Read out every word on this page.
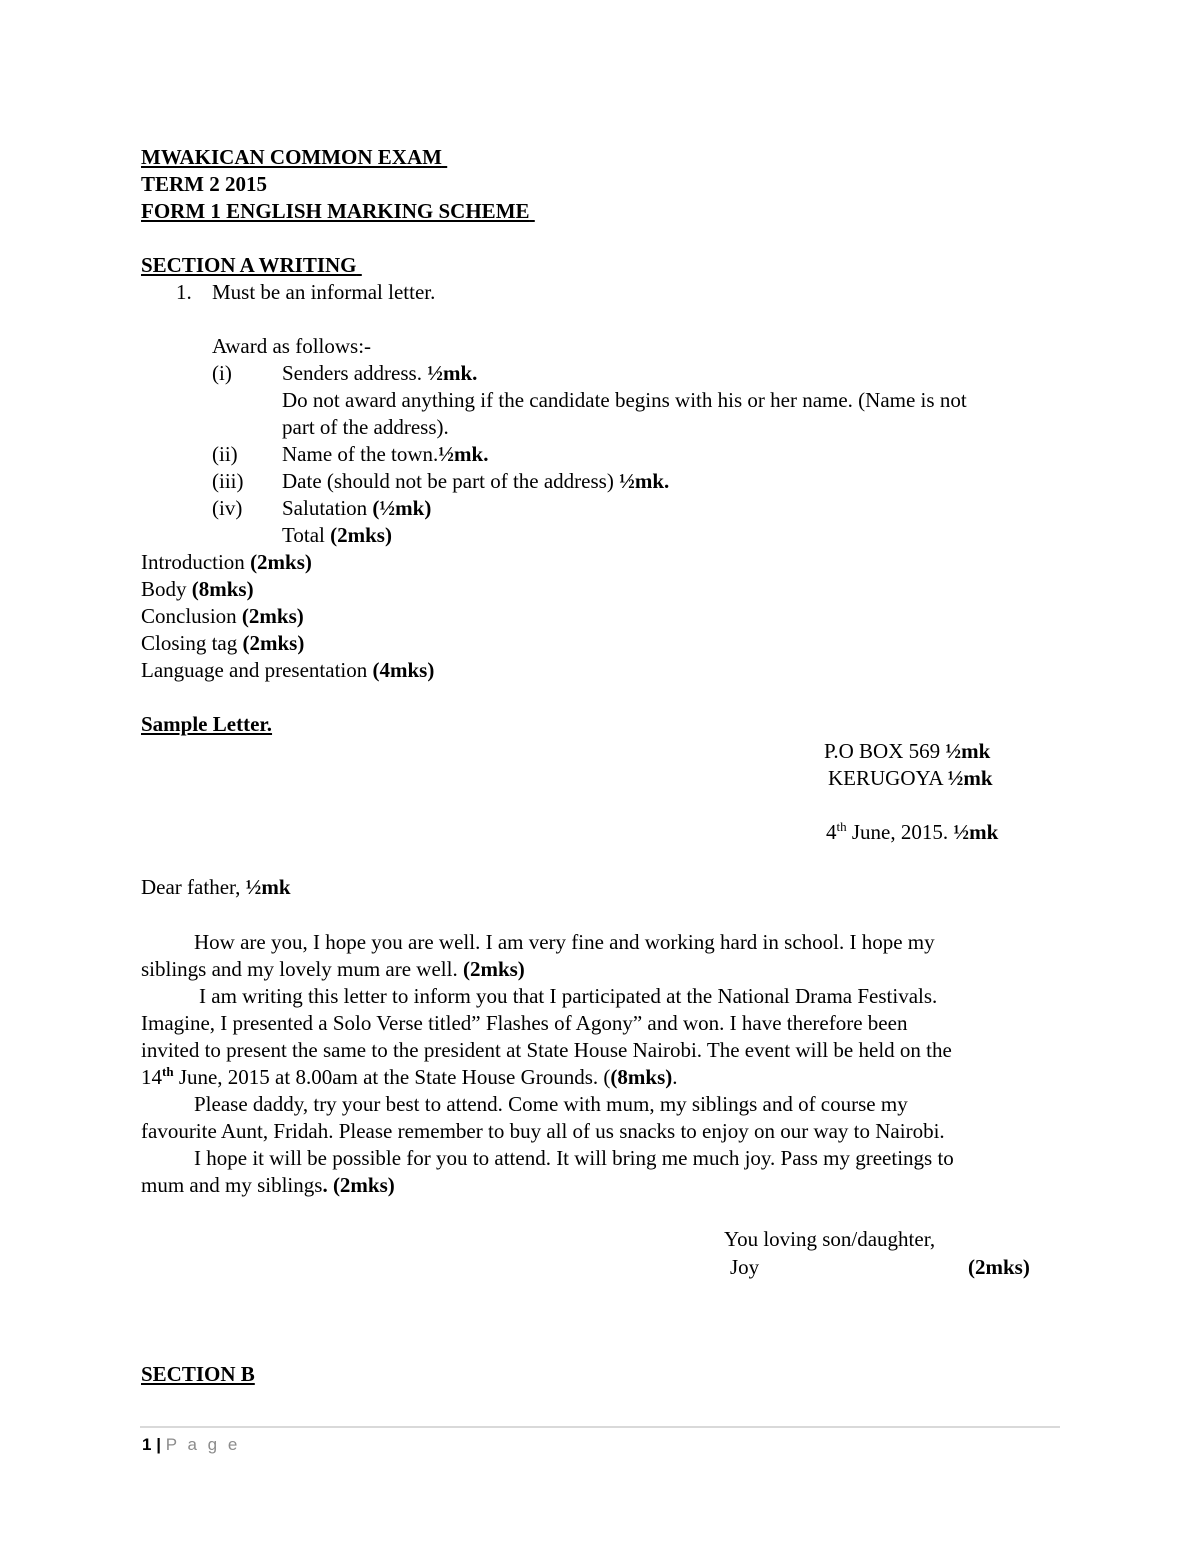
MWAKICAN COMMON EXAM
TERM 2 2015
FORM 1 ENGLISH MARKING SCHEME
SECTION A WRITING
1. Must be an informal letter.
Award as follows:-
(i) Senders address. ½mk.
Do not award anything if the candidate begins with his or her name. (Name is not
part of the address).
(ii) Name of the town.½mk.
(iii) Date (should not be part of the address) ½mk.
(iv) Salutation (½mk)
Total (2mks)
Introduction (2mks)
Body (8mks)
Conclusion (2mks)
Closing tag (2mks)
Language and presentation (4mks)
Sample Letter.
P.O BOX 569 ½mk
KERUGOYA ½mk
4th June, 2015. ½mk
Dear father, ½mk
How are you, I hope you are well. I am very fine and working hard in school. I hope my
siblings and my lovely mum are well. (2mks)
I am writing this letter to inform you that I participated at the National Drama Festivals.
Imagine, I presented a Solo Verse titled” Flashes of Agony” and won. I have therefore been
invited to present the same to the president at State House Nairobi. The event will be held on the
14th June, 2015 at 8.00am at the State House Grounds. ((8mks).
Please daddy, try your best to attend. Come with mum, my siblings and of course my
favourite Aunt, Fridah. Please remember to buy all of us snacks to enjoy on our way to Nairobi.
I hope it will be possible for you to attend. It will bring me much joy. Pass my greetings to
mum and my siblings. (2mks)
You loving son/daughter,
Joy	(2mks)
SECTION B
1 | P a g e
